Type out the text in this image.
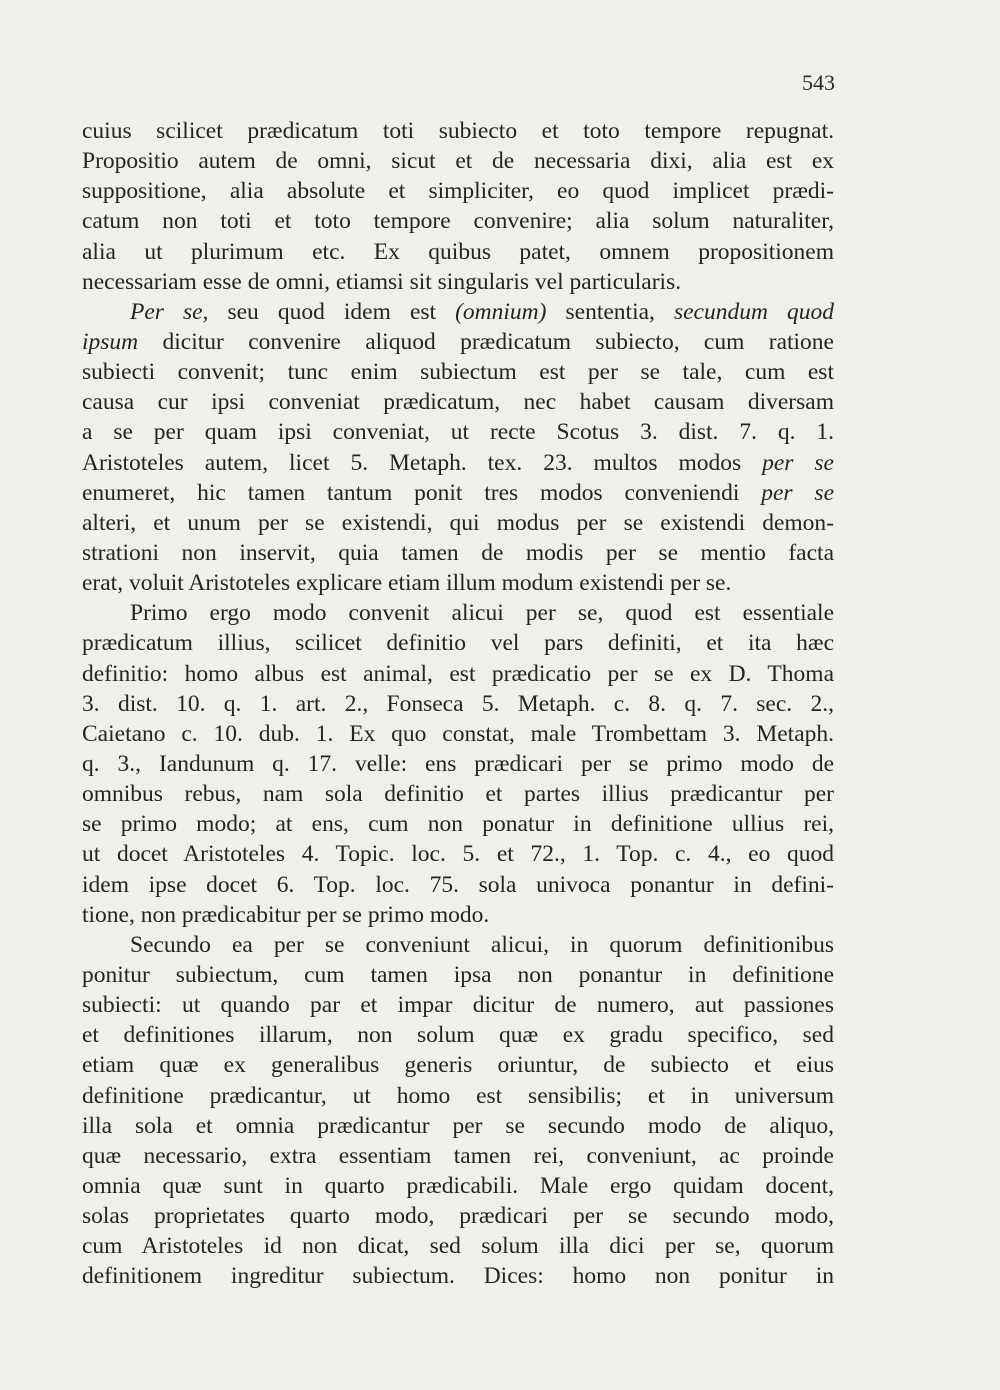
543
cuius scilicet prædicatum toti subiecto et toto tempore repugnat.
Propositio autem de omni, sicut et de necessaria dixi, alia est ex
suppositione, alia absolute et simpliciter, eo quod implicet prædi-
catum non toti et toto tempore convenire; alia solum naturaliter,
alia ut plurimum etc. Ex quibus patet, omnem propositionem
necessariam esse de omni, etiamsi sit singularis vel particularis.
Per se, seu quod idem est (omnium) sententia, secundum quod
ipsum dicitur convenire aliquod prædicatum subiecto, cum ratione
subiecti convenit; tunc enim subiectum est per se tale, cum est
causa cur ipsi conveniat prædicatum, nec habet causam diversam
a se per quam ipsi conveniat, ut recte Scotus 3. dist. 7. q. 1.
Aristoteles autem, licet 5. Metaph. tex. 23. multos modos per se
enumeret, hic tamen tantum ponit tres modos conveniendi per se
alteri, et unum per se existendi, qui modus per se existendi demon-
strationi non inservit, quia tamen de modis per se mentio facta
erat, voluit Aristoteles explicare etiam illum modum existendi per se.
Primo ergo modo convenit alicui per se, quod est essentiale
prædicatum illius, scilicet definitio vel pars definiti, et ita hæc
definitio: homo albus est animal, est prædicatio per se ex D. Thoma
3. dist. 10. q. 1. art. 2., Fonseca 5. Metaph. c. 8. q. 7. sec. 2.,
Caietano c. 10. dub. 1. Ex quo constat, male Trombettam 3. Metaph.
q. 3., Iandunum q. 17. velle: ens prædicari per se primo modo de
omnibus rebus, nam sola definitio et partes illius prædicantur per
se primo modo; at ens, cum non ponatur in definitione ullius rei,
ut docet Aristoteles 4. Topic. loc. 5. et 72., 1. Top. c. 4., eo quod
idem ipse docet 6. Top. loc. 75. sola univoca ponantur in defini-
tione, non prædicabitur per se primo modo.
Secundo ea per se conveniunt alicui, in quorum definitionibus
ponitur subiectum, cum tamen ipsa non ponantur in definitione
subiecti: ut quando par et impar dicitur de numero, aut passiones
et definitiones illarum, non solum quæ ex gradu specifico, sed
etiam quæ ex generalibus generis oriuntur, de subiecto et eius
definitione prædicantur, ut homo est sensibilis; et in universum
illa sola et omnia prædicantur per se secundo modo de aliquo,
quæ necessario, extra essentiam tamen rei, conveniunt, ac proinde
omnia quæ sunt in quarto prædicabili. Male ergo quidam docent,
solas proprietates quarto modo, prædicari per se secundo modo,
cum Aristoteles id non dicat, sed solum illa dici per se, quorum
definitionem ingreditur subiectum. Dices: homo non ponitur in
